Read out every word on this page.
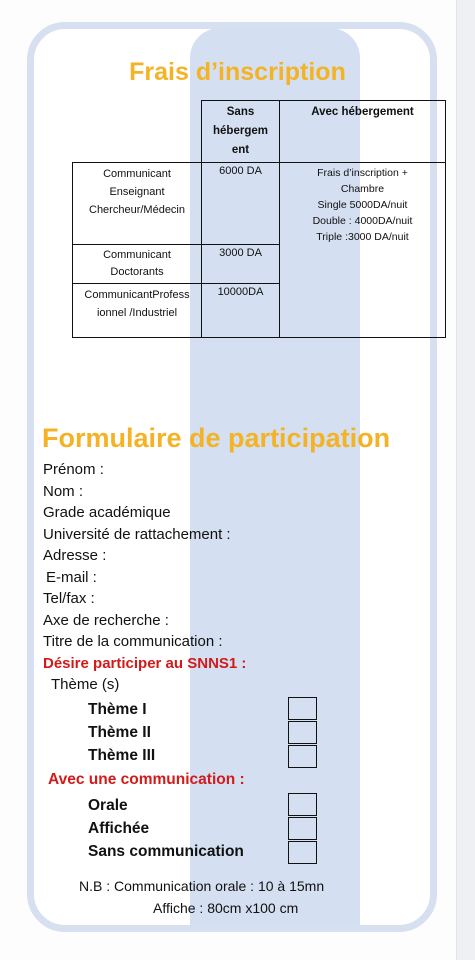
Frais d’inscription
	Sans hébergem ent	Avec hébergement
Communicant Enseignant Chercheur/Médecin	6000 DA	Frais d’inscription +
Chambre
Single 5000DA/nuit
Double : 4000DA/nuit
Triple :3000 DA/nuit

Communicant Doctorants	3000 DA	
CommunicantProfess ionnel /Industriel	10000DA	
Formulaire de participation
Prénom :
Nom :
Grade académique
Université de rattachement :
Adresse :
E-mail :
Tel/fax :
Axe de recherche :
Titre de la communication :
Désire participer au SNNS1 :
Thème (s)
Thème I
Thème II
Thème III
Avec une communication :
Orale
Affichée
Sans communication
N.B : Communication orale : 10 à 15mn
Affiche : 80cm x100 cm
